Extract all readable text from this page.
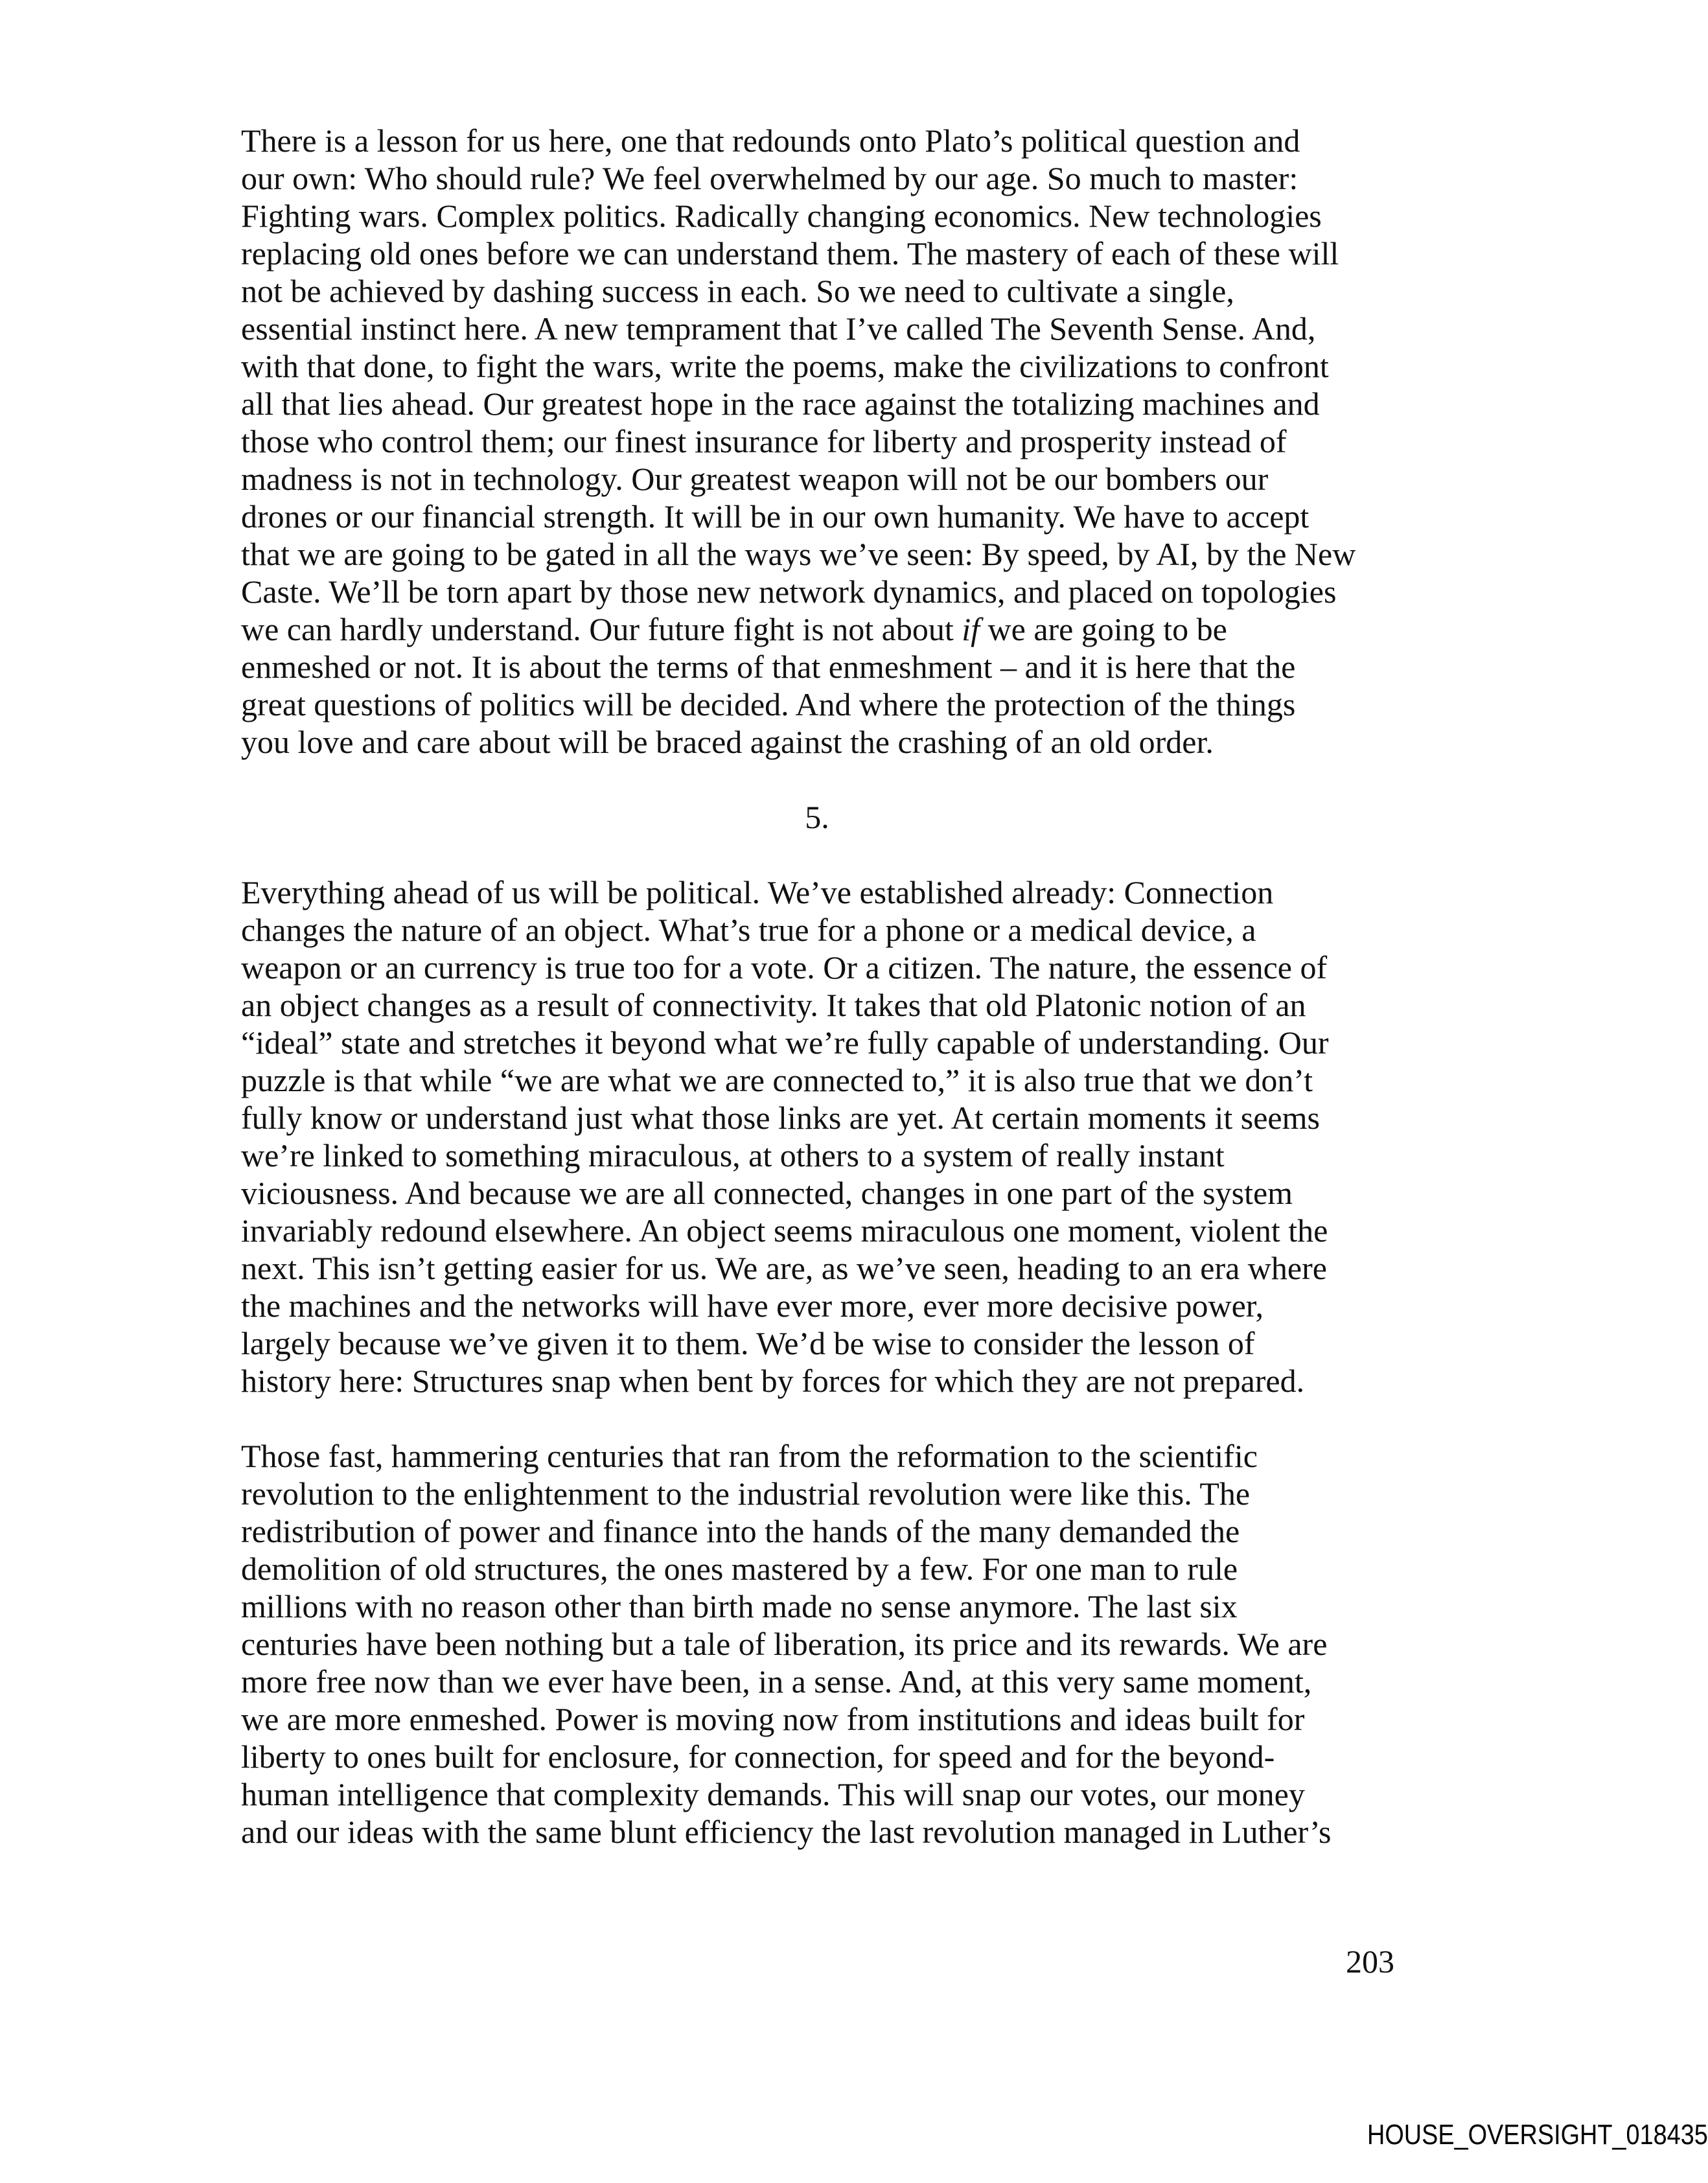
There is a lesson for us here, one that redounds onto Plato’s political question and
our own: Who should rule? We feel overwhelmed by our age. So much to master:
Fighting wars. Complex politics. Radically changing economics. New technologies
replacing old ones before we can understand them. The mastery of each of these will
not be achieved by dashing success in each. So we need to cultivate a single,
essential instinct here. A new temprament that I’ve called The Seventh Sense. And,
with that done, to fight the wars, write the poems, make the civilizations to confront
all that lies ahead. Our greatest hope in the race against the totalizing machines and
those who control them; our finest insurance for liberty and prosperity instead of
madness is not in technology. Our greatest weapon will not be our bombers our
drones or our financial strength. It will be in our own humanity. We have to accept
that we are going to be gated in all the ways we’ve seen: By speed, by AI, by the New
Caste. We’ll be torn apart by those new network dynamics, and placed on topologies
we can hardly understand. Our future fight is not about if we are going to be
enmeshed or not. It is about the terms of that enmeshment – and it is here that the
great questions of politics will be decided. And where the protection of the things
you love and care about will be braced against the crashing of an old order.
5.
Everything ahead of us will be political. We’ve established already: Connection
changes the nature of an object. What’s true for a phone or a medical device, a
weapon or an currency is true too for a vote. Or a citizen. The nature, the essence of
an object changes as a result of connectivity. It takes that old Platonic notion of an
“ideal” state and stretches it beyond what we’re fully capable of understanding. Our
puzzle is that while “we are what we are connected to,” it is also true that we don’t
fully know or understand just what those links are yet. At certain moments it seems
we’re linked to something miraculous, at others to a system of really instant
viciousness. And because we are all connected, changes in one part of the system
invariably redound elsewhere. An object seems miraculous one moment, violent the
next. This isn’t getting easier for us. We are, as we’ve seen, heading to an era where
the machines and the networks will have ever more, ever more decisive power,
largely because we’ve given it to them. We’d be wise to consider the lesson of
history here: Structures snap when bent by forces for which they are not prepared.
Those fast, hammering centuries that ran from the reformation to the scientific
revolution to the enlightenment to the industrial revolution were like this. The
redistribution of power and finance into the hands of the many demanded the
demolition of old structures, the ones mastered by a few. For one man to rule
millions with no reason other than birth made no sense anymore. The last six
centuries have been nothing but a tale of liberation, its price and its rewards. We are
more free now than we ever have been, in a sense. And, at this very same moment,
we are more enmeshed. Power is moving now from institutions and ideas built for
liberty to ones built for enclosure, for connection, for speed and for the beyond-
human intelligence that complexity demands. This will snap our votes, our money
and our ideas with the same blunt efficiency the last revolution managed in Luther’s
203
HOUSE_OVERSIGHT_018435
